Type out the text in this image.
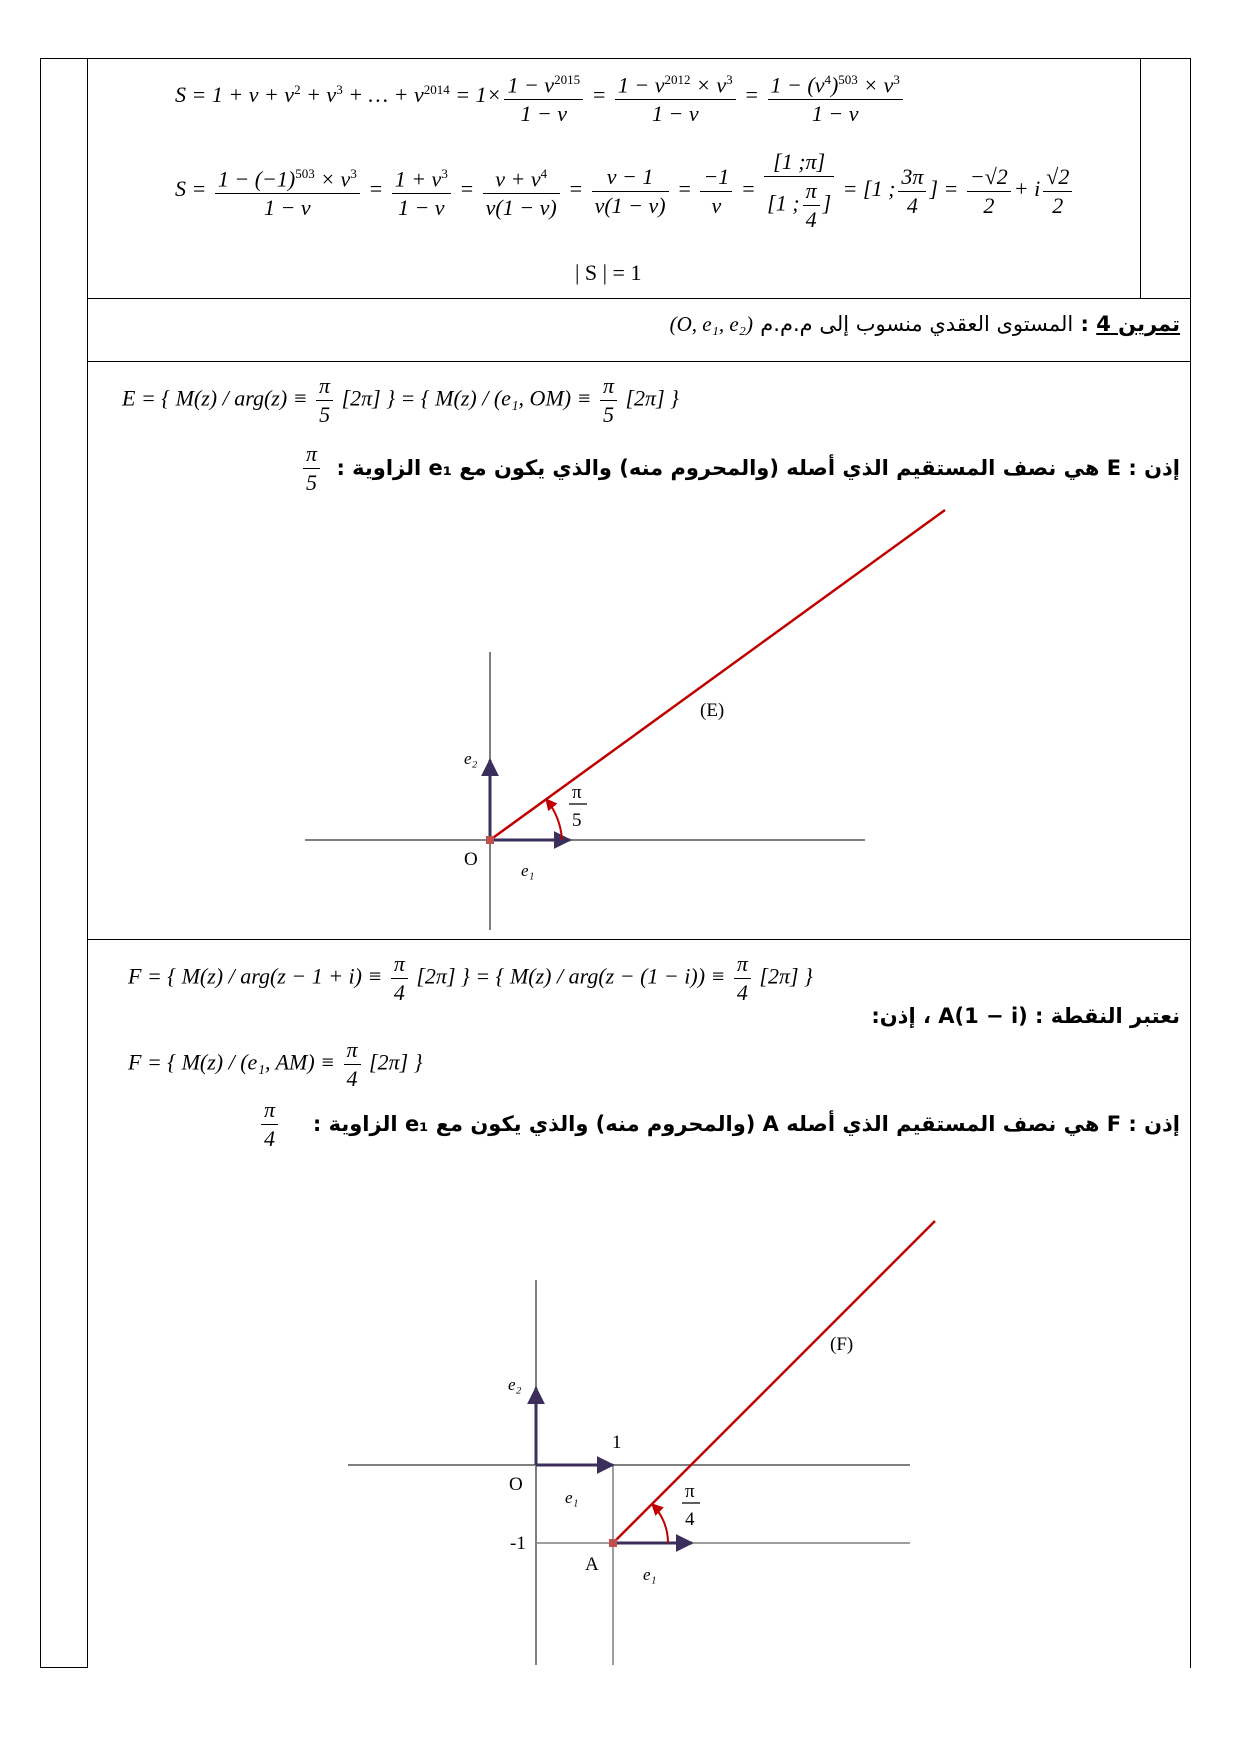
$S = 1 + v + v^2 + v^3$ + … + $v^{2014} = 1\times \frac{1 - v^{2015}}{1 - v} = \frac{1 - v^{2012} \times v^3}{1 - v} = \frac{1 - (v^4)^{503} \times v^3}{1 - v}$
$S = \frac{1 - (-1)^{503} \times v^3}{1 - v} = \frac{1 + v^3}{1 - v} = \frac{v + v^4}{v(1 - v)} = \frac{v - 1}{v(1 - v)} = \frac{-1}{v} = \frac{[1 ;\pi]}{[1 ; \frac{\pi}{4} ]} = [1$ ; $\frac{3\pi}{4}$ ] = $\frac{-√2}{2} + i \frac{√2}{2}$
| S | = 1
تمرين 4 : المستوى العقدي منسوب إلى م.م.م (O, e₁, e₂)
E = { $M(z) / arg(z) \equiv \frac{\pi}{5} [2\pi]$ } = { M(z) / (e₁, $OM) \equiv \frac{\pi}{5} [2\pi]$ }
إذن : E هي نصف المستقيم الذي أصله (والمحروم منه) والذي يكون مع e₁ الزاوية :
$\frac{\pi}{5}$
O
e₁
e₂
(E)
π
5
F = { $M(z) / arg(z - 1 + i) \equiv \frac{\pi}{4} [2\pi]$ } = { $M(z) / arg(z - (1 - i)) \equiv \frac{\pi}{4} [2\pi]$ }
نعتبر النقطة : A(1 − i) ، إذن:
F = { M(z) / (e₁, $AM) \equiv \frac{\pi}{4} [2\pi]$ }
إذن : F هي نصف المستقيم الذي أصله A (والمحروم منه) والذي يكون مع e₁ الزاوية :
$\frac{\pi}{4}$
O
1
-1
A
e₁
e₁
e₂
(F)
π
4
